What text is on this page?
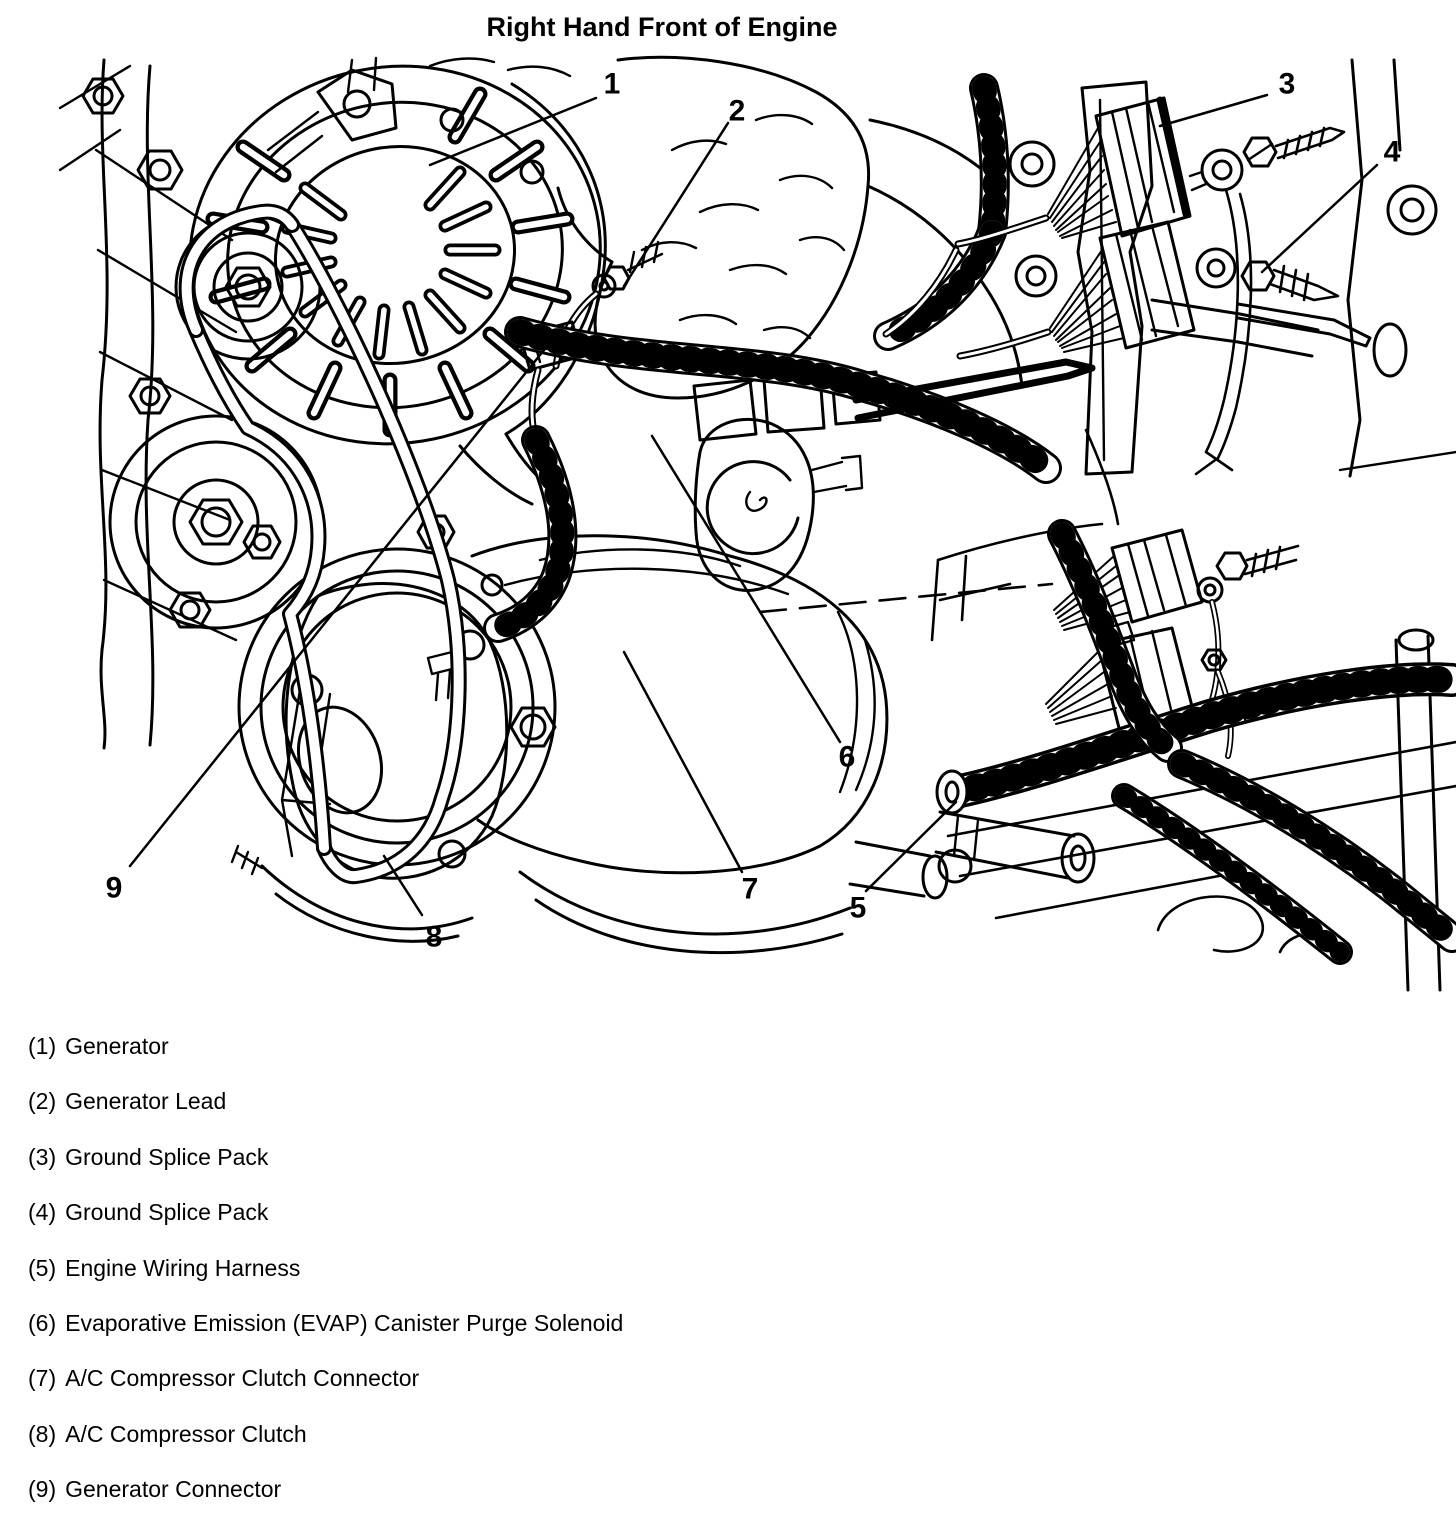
Right Hand Front of Engine
1
2
3
4
5
6
7
8
9
(1) Generator
(2) Generator Lead
(3) Ground Splice Pack
(4) Ground Splice Pack
(5) Engine Wiring Harness
(6) Evaporative Emission (EVAP) Canister Purge Solenoid
(7) A/C Compressor Clutch Connector
(8) A/C Compressor Clutch
(9) Generator Connector
